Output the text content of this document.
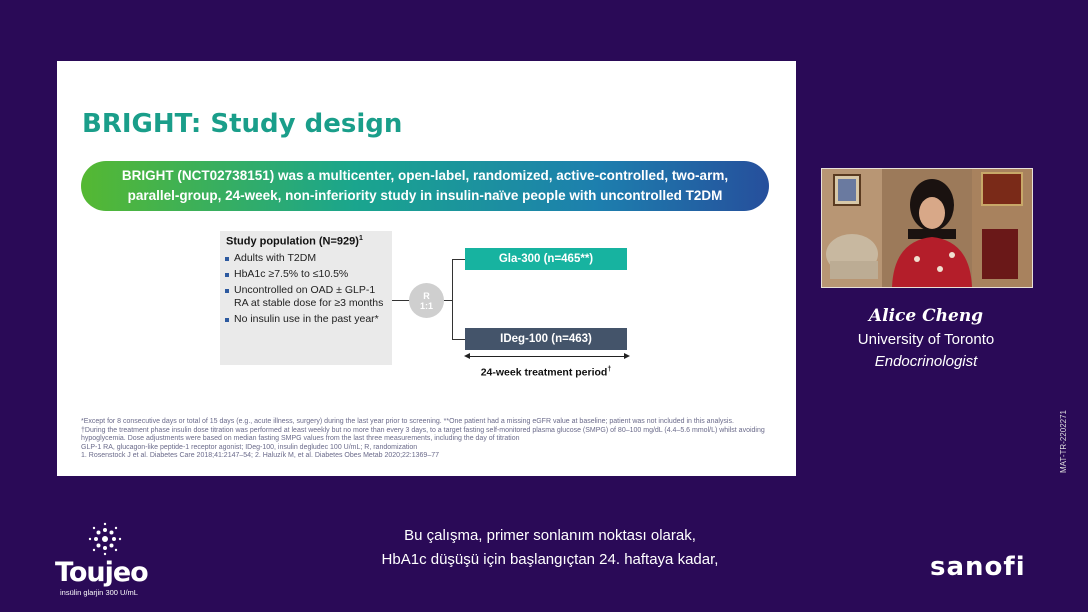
BRIGHT: Study design
BRIGHT (NCT02738151) was a multicenter, open-label, randomized, active-controlled, two-arm,
parallel-group, 24-week, non-inferiority study in insulin-naïve people with uncontrolled T2DM
Study population (N=929)$^1$
Adults with T2DM
HbA1c ≥7.5% to ≤10.5%
Uncontrolled on OAD ± GLP-1 RA at stable dose for ≥3 months
No insulin use in the past year*
R
1:1
Gla-300 (n=465**)
IDeg-100 (n=463)
24-week treatment period†
*Except for 8 consecutive days or total of 15 days (e.g., acute illness, surgery) during the last year prior to screening. **One patient had a missing eGFR value at baseline; patient was not included in this analysis.
†During the treatment phase insulin dose titration was performed at least weekly but no more than every 3 days, to a target fasting self-monitored plasma glucose (SMPG) of 80–100 mg/dL (4.4–5.6 mmol/L) whilst avoiding hypoglycemia. Dose adjustments were based on median fasting SMPG values from the last three measurements, including the day of titration
GLP-1 RA, glucagon-like peptide-1 receptor agonist; IDeg-100, insulin degludec 100 U/mL; R, randomization
1. Rosenstock J et al. Diabetes Care 2018;41:2147–54; 2. Haluzík M, et al. Diabetes Obes Metab 2020;22:1369–77
Alice Cheng
University of Toronto
Endocrinologist
MAT-TR-2202271
Bu çalışma, primer sonlanım noktası olarak,
HbA1c düşüşü için başlangıçtan 24. haftaya kadar,
Toujeo
insülin glarjin 300 U/mL
sanofi
